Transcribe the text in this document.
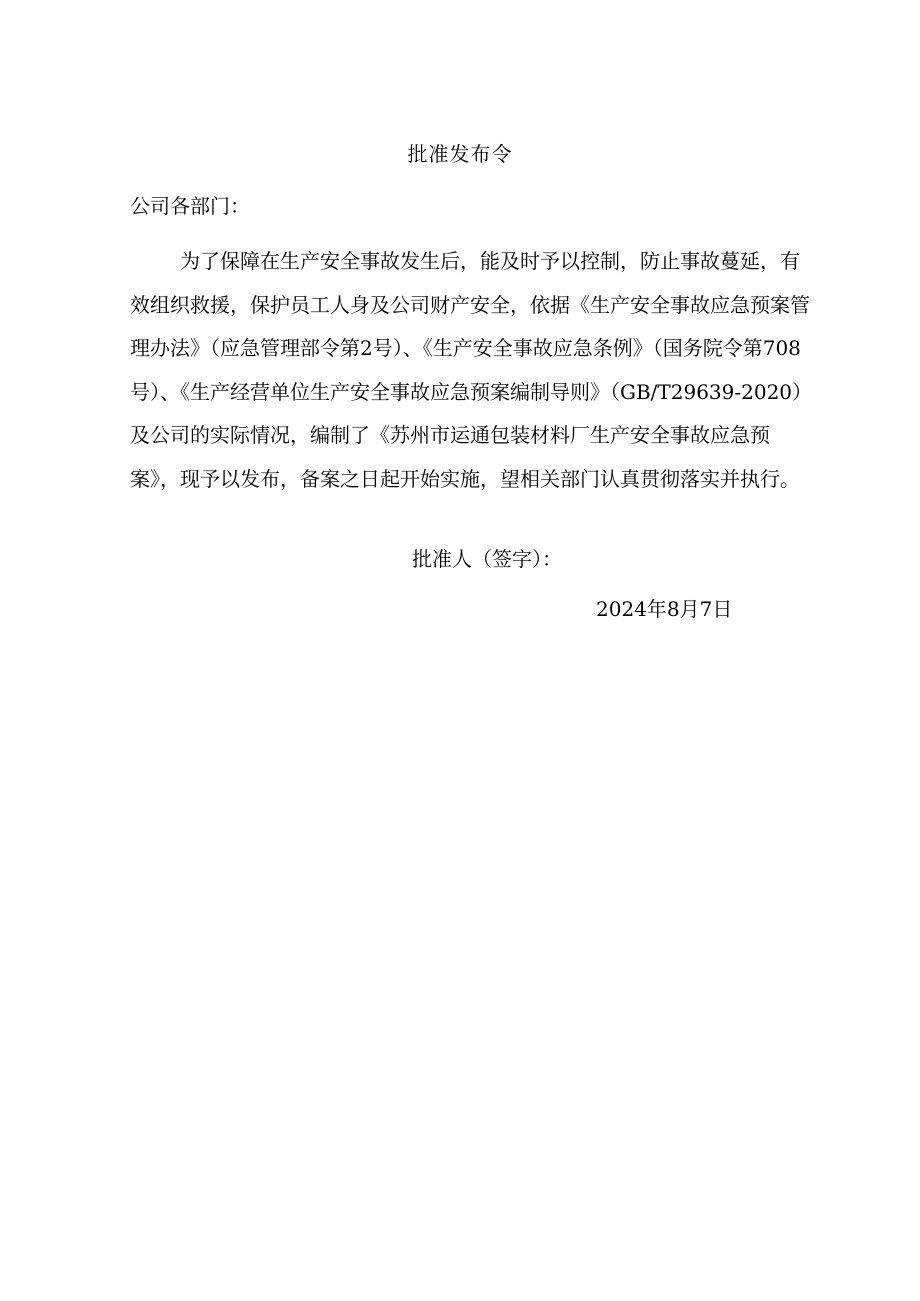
批准发布令
公司各部门：
为了保障在生产安全事故发生后，能及时予以控制，防止事故蔓延，有
效组织救援，保护员工人身及公司财产安全，依据《生产安全事故应急预案管
理办法》（应急管理部令第2号）、《生产安全事故应急条例》（国务院令第708
号）、《生产经营单位生产安全事故应急预案编制导则》（GB/T29639-2020）
及公司的实际情况，编制了《苏州市运通包装材料厂生产安全事故应急预
案》，现予以发布，备案之日起开始实施，望相关部门认真贯彻落实并执行。
批准人（签字）：
2024年8月7日
